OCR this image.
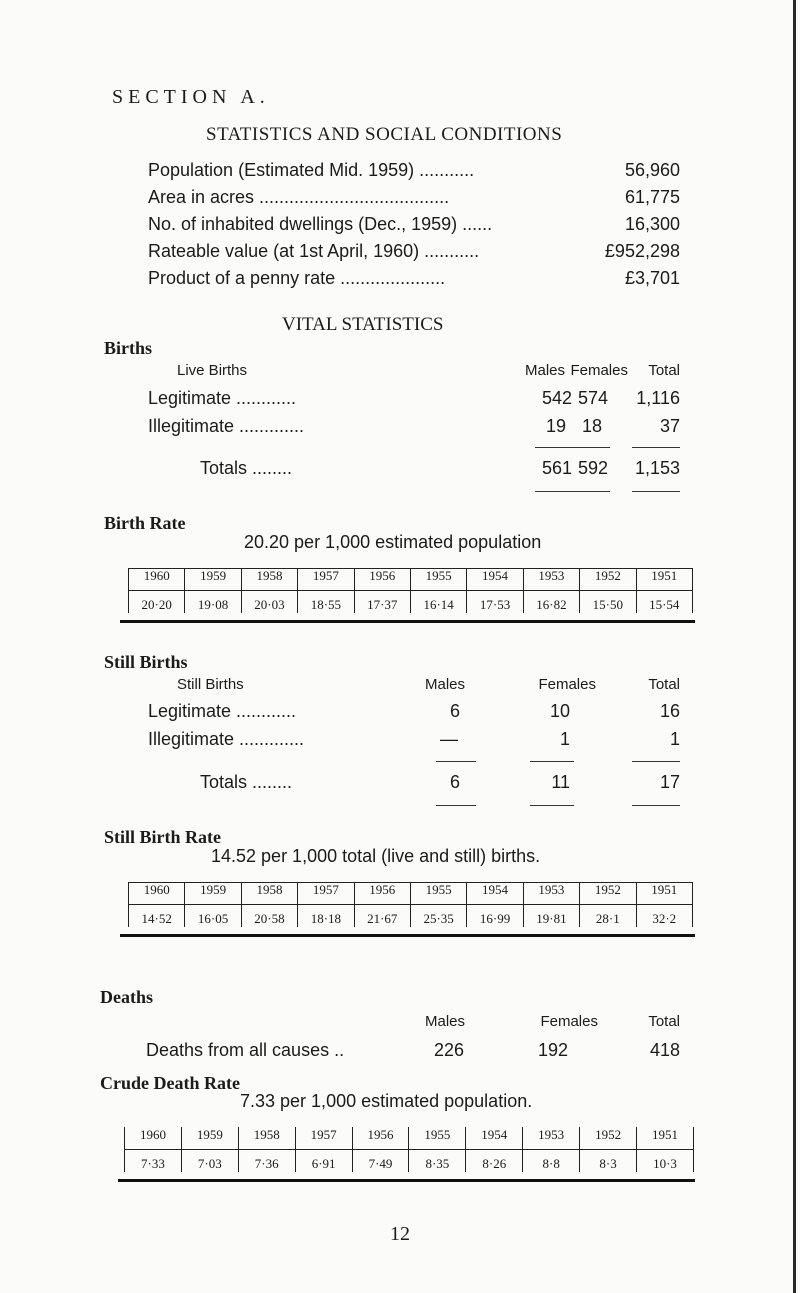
SECTION A.
STATISTICS AND SOCIAL CONDITIONS
Population (Estimated Mid. 1959) ...........	56,960
Area in acres ......................................	61,775
No. of inhabited dwellings (Dec., 1959) ......	16,300
Rateable value (at 1st April, 1960) ...........	£952,298
Product of a penny rate .....................	£3,701
VITAL STATISTICS
Births
Live Births	Males Females	Total
Legitimate ............	542 574	1,116
Illegitimate .............	19 18	37
Totals ........	561 592	1,153
Birth Rate
20.20 per 1,000 estimated population
1960	1959	1958	1957	1956	1955	1954	1953	1952	1951
20·20	19·08	20·03	18·55	17·37	16·14	17·53	16·82	15·50	15·54
Still Births
Still Births	Males	Females	Total
Legitimate ............	6	10	16
Illegitimate .............	—	1	1
Totals ........	6	11	17
Still Birth Rate
14.52 per 1,000 total (live and still) births.
1960	1959	1958	1957	1956	1955	1954	1953	1952	1951
14·52	16·05	20·58	18·18	21·67	25·35	16·99	19·81	28·1	32·2
Deaths
Males	Females	Total
Deaths from all causes ..	226	192	418
Crude Death Rate
7.33 per 1,000 estimated population.
1960	1959	1958	1957	1956	1955	1954	1953	1952	1951
7·33	7·03	7·36	6·91	7·49	8·35	8·26	8·8	8·3	10·3
12
